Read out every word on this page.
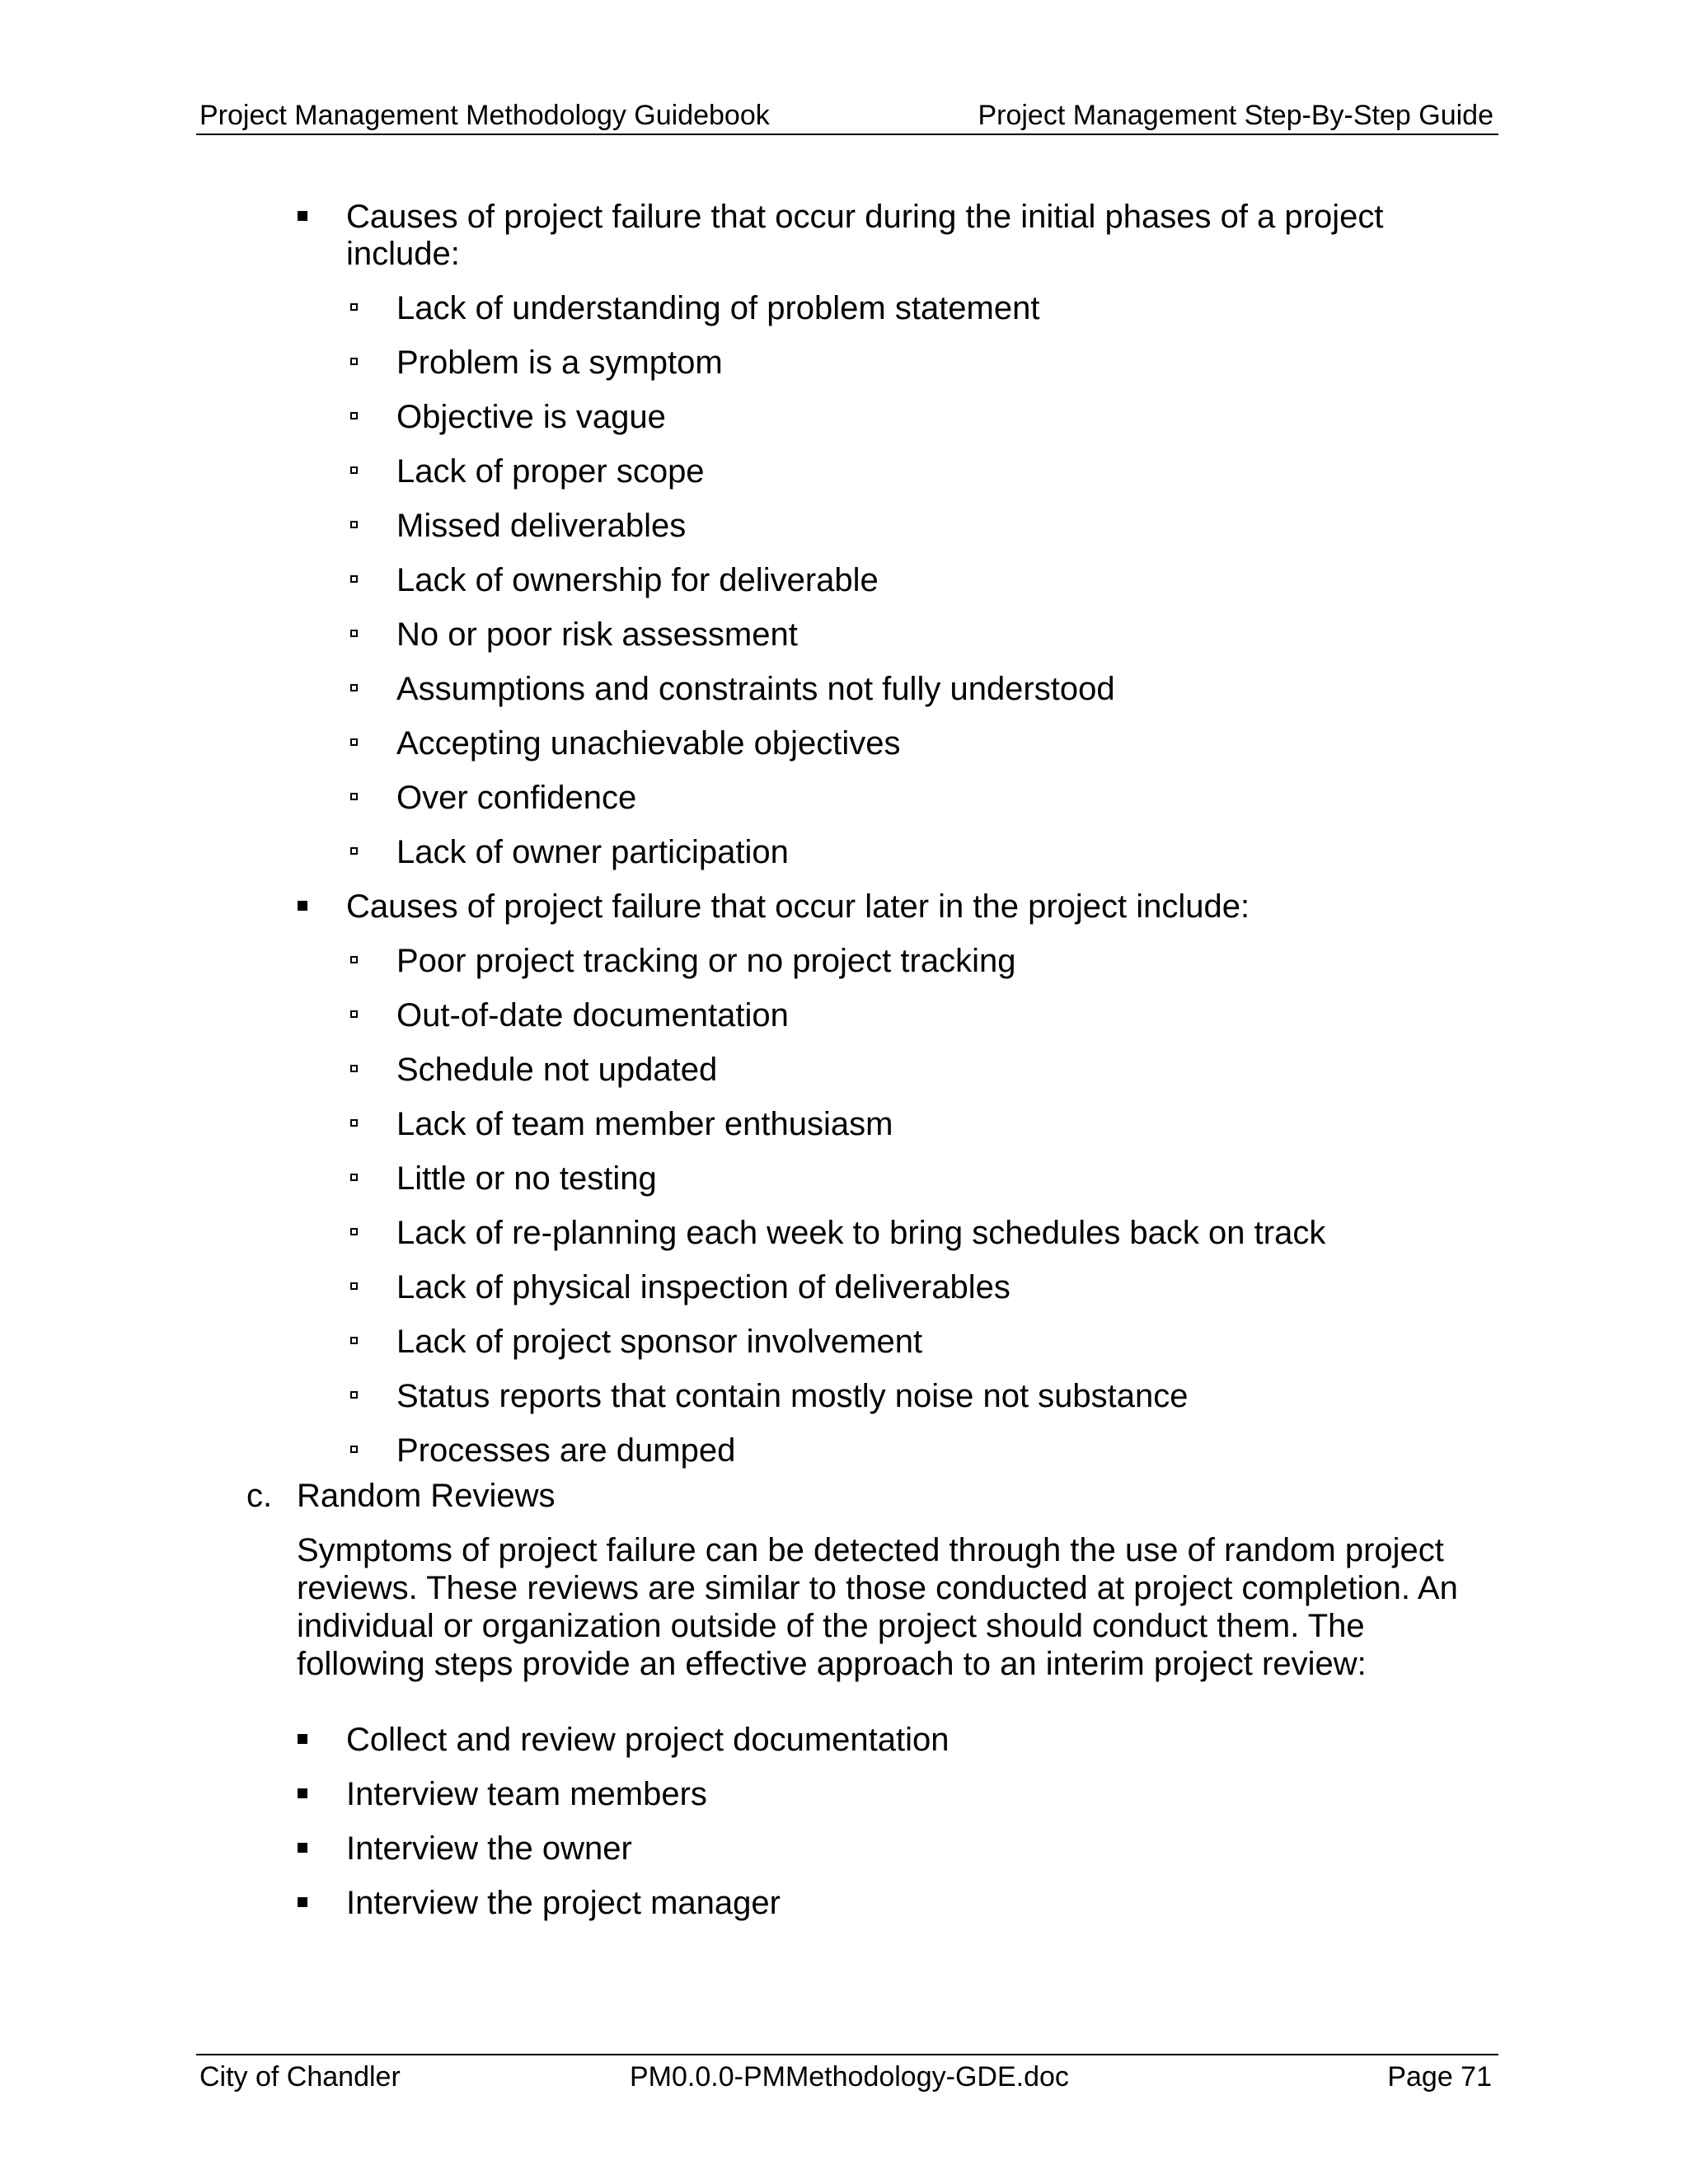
Project Management Methodology Guidebook	Project Management Step-By-Step Guide
Causes of project failure that occur during the initial phases of a project
include:
Lack of understanding of problem statement
Problem is a symptom
Objective is vague
Lack of proper scope
Missed deliverables
Lack of ownership for deliverable
No or poor risk assessment
Assumptions and constraints not fully understood
Accepting unachievable objectives
Over confidence
Lack of owner participation
Causes of project failure that occur later in the project include:
Poor project tracking or no project tracking
Out-of-date documentation
Schedule not updated
Lack of team member enthusiasm
Little or no testing
Lack of re-planning each week to bring schedules back on track
Lack of physical inspection of deliverables
Lack of project sponsor involvement
Status reports that contain mostly noise not substance
Processes are dumped
c. Random Reviews
Symptoms of project failure can be detected through the use of random project
reviews. These reviews are similar to those conducted at project completion. An
individual or organization outside of the project should conduct them. The
following steps provide an effective approach to an interim project review:
Collect and review project documentation
Interview team members
Interview the owner
Interview the project manager
City of Chandler	PM0.0.0-PMMethodology-GDE.doc	Page 71
